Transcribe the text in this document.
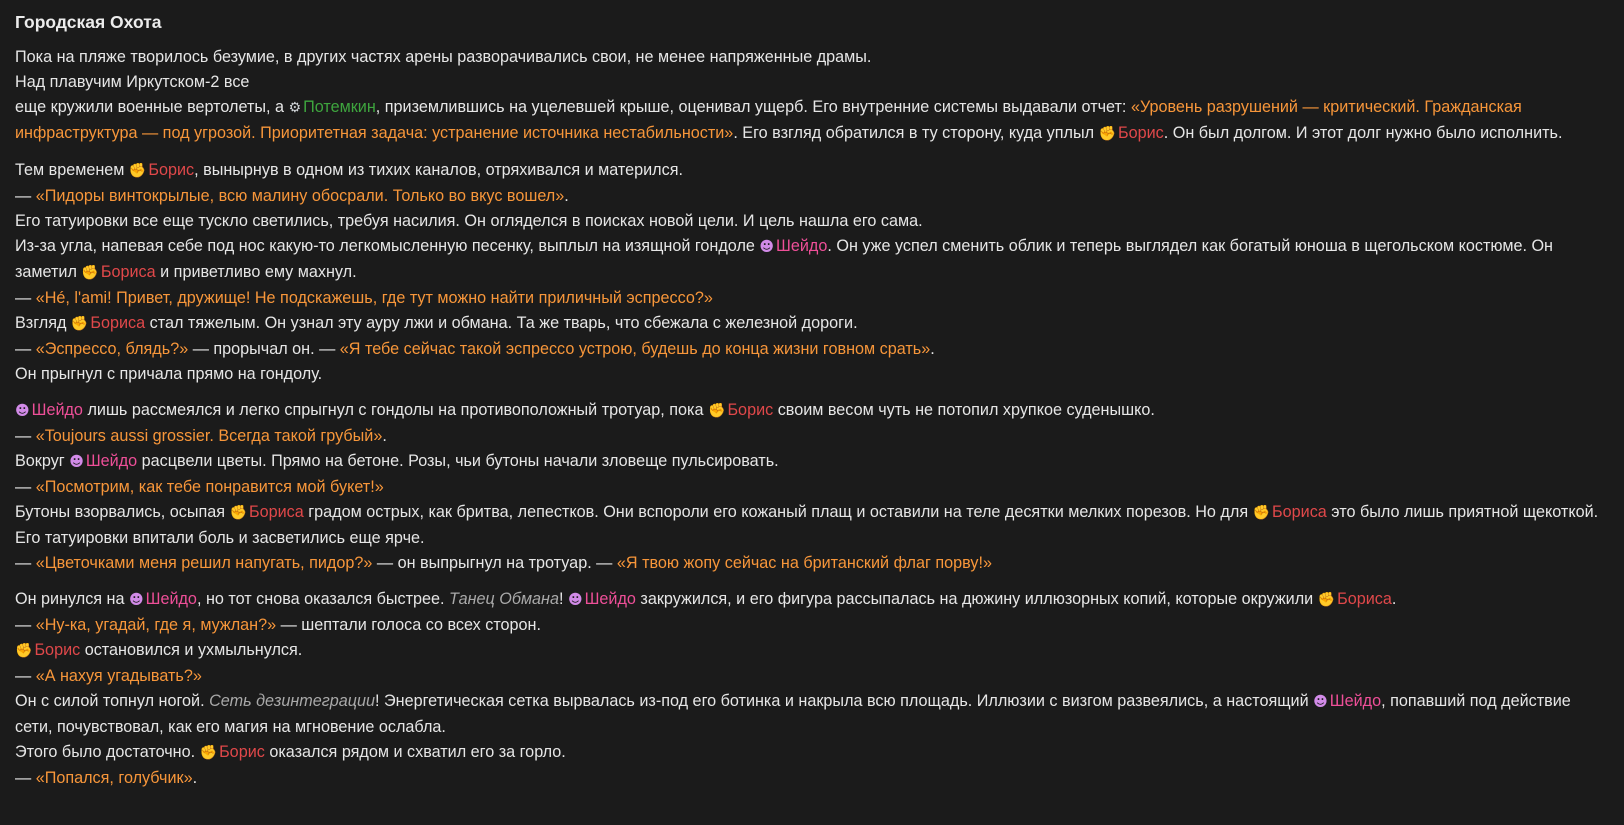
Городская Охота
Пока на пляже творилось безумие, в других частях арены разворачивались свои, не менее напряженные драмы.
Над плавучим Иркутском-2 все
еще кружили военные вертолеты, а ⚙ Потемкин, приземлившись на уцелевшей крыше, оценивал ущерб. Его внутренние системы выдавали отчет: «Уровень разрушений — критический. Гражданская инфраструктура — под угрозой. Приоритетная задача: устранение источника нестабильности». Его взгляд обратился в ту сторону, куда уплыл ✊ Борис. Он был долгом. И этот долг нужно было исполнить.
Тем временем ✊ Борис, вынырнув в одном из тихих каналов, отряхивался и матерился.
— «Пидоры винтокрылые, всю малину обосрали. Только во вкус вошел».
Его татуировки все еще тускло светились, требуя насилия. Он огляделся в поисках новой цели. И цель нашла его сама.
Из-за угла, напевая себе под нос какую-то легкомысленную песенку, выплыл на изящной гондоле ☻ Шейдо. Он уже успел сменить облик и теперь выглядел как богатый юноша в щегольском костюме. Он заметил ✊ Бориса и приветливо ему махнул.
— «Hé, l'ami! Привет, дружище! Не подскажешь, где тут можно найти приличный эспрессо?»
Взгляд ✊ Бориса стал тяжелым. Он узнал эту ауру лжи и обмана. Та же тварь, что сбежала с железной дороги.
— «Эспрессо, блядь?» — прорычал он. — «Я тебе сейчас такой эспрессо устрою, будешь до конца жизни говном срать».
Он прыгнул с причала прямо на гондолу.
☻ Шейдо лишь рассмеялся и легко спрыгнул с гондолы на противоположный тротуар, пока ✊ Борис своим весом чуть не потопил хрупкое суденышко.
— «Toujours aussi grossier. Всегда такой грубый».
Вокруг ☻ Шейдо расцвели цветы. Прямо на бетоне. Розы, чьи бутоны начали зловеще пульсировать.
— «Посмотрим, как тебе понравится мой букет!»
Бутоны взорвались, осыпая ✊ Бориса градом острых, как бритва, лепестков. Они вспороли его кожаный плащ и оставили на теле десятки мелких порезов. Но для ✊ Бориса это было лишь приятной щекоткой. Его татуировки впитали боль и засветились еще ярче.
— «Цветочками меня решил напугать, пидор?» — он выпрыгнул на тротуар. — «Я твою жопу сейчас на британский флаг порву!»
Он ринулся на ☻ Шейдо, но тот снова оказался быстрее. Танец Обмана! ☻ Шейдо закружился, и его фигура рассыпалась на дюжину иллюзорных копий, которые окружили ✊ Бориса.
— «Ну-ка, угадай, где я, мужлан?» — шептали голоса со всех сторон.
✊ Борис остановился и ухмыльнулся.
— «А нахуя угадывать?»
Он с силой топнул ногой. Сеть дезинтеграции! Энергетическая сетка вырвалась из-под его ботинка и накрыла всю площадь. Иллюзии с визгом развеялись, а настоящий ☻ Шейдо, попавший под действие сети, почувствовал, как его магия на мгновение ослабла.
Этого было достаточно. ✊ Борис оказался рядом и схватил его за горло.
— «Попался, голубчик».
